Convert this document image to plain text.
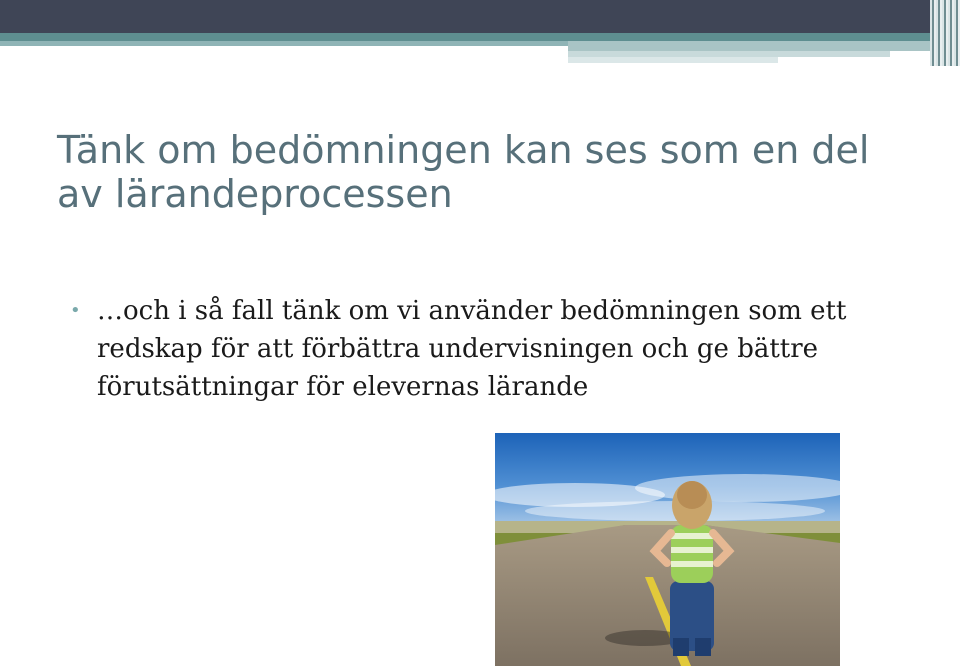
Tänk om bedömningen kan ses som en del av lärandeprocessen
• …och i så fall tänk om vi använder bedömningen som ett redskap för att förbättra undervisningen och ge bättre förutsättningar för elevernas lärande
